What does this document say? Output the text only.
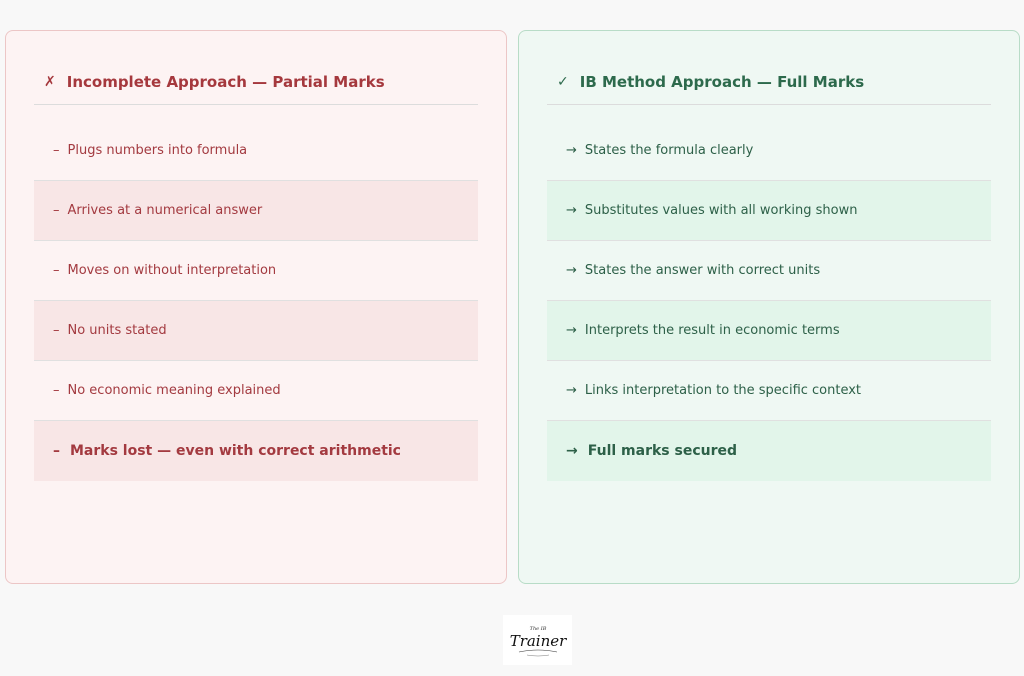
✗ Incomplete Approach — Partial Marks
– Plugs numbers into formula
– Arrives at a numerical answer
– Moves on without interpretation
– No units stated
– No economic meaning explained
– Marks lost — even with correct arithmetic
✓ IB Method Approach — Full Marks
→ States the formula clearly
→ Substitutes values with all working shown
→ States the answer with correct units
→ Interprets the result in economic terms
→ Links interpretation to the specific context
→ Full marks secured
The IB
Trainer
